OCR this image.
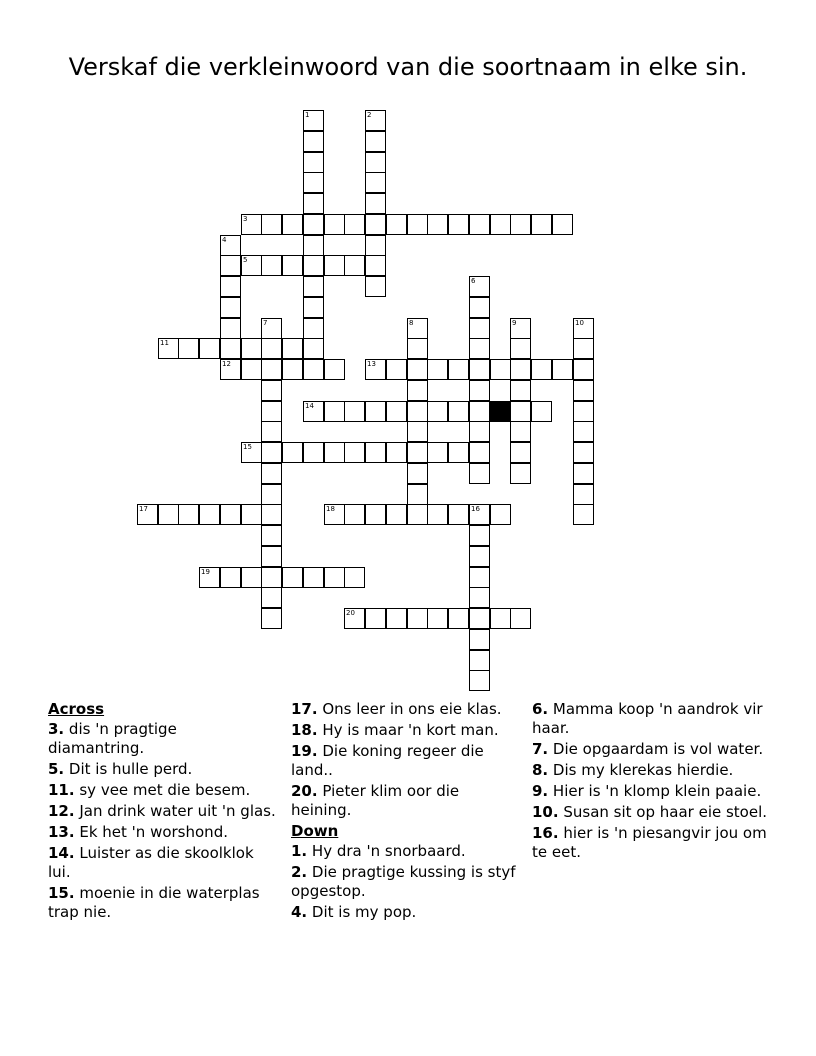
Verskaf die verkleinwoord van die soortnaam in elke sin.
3
5
11
12	13
14
15
17	18	16
19
20
1	2
4
6
7	8	9	10
Across
3. dis 'n pragtige diamantring.
5. Dit is hulle perd.
11. sy vee met die besem.
12. Jan drink water uit 'n glas.
13. Ek het 'n worshond.
14. Luister as die skoolklok lui.
15. moenie in die waterplas trap nie.
17. Ons leer in ons eie klas.
18. Hy is maar 'n kort man.
19. Die koning regeer die land..
20. Pieter klim oor die heining.
Down
1. Hy dra 'n snorbaard.
2. Die pragtige kussing is styf opgestop.
4. Dit is my pop.
6. Mamma koop 'n aandrok vir haar.
7. Die opgaardam is vol water.
8. Dis my klerekas hierdie.
9. Hier is 'n klomp klein paaie.
10. Susan sit op haar eie stoel.
16. hier is 'n piesangvir jou om te eet.
